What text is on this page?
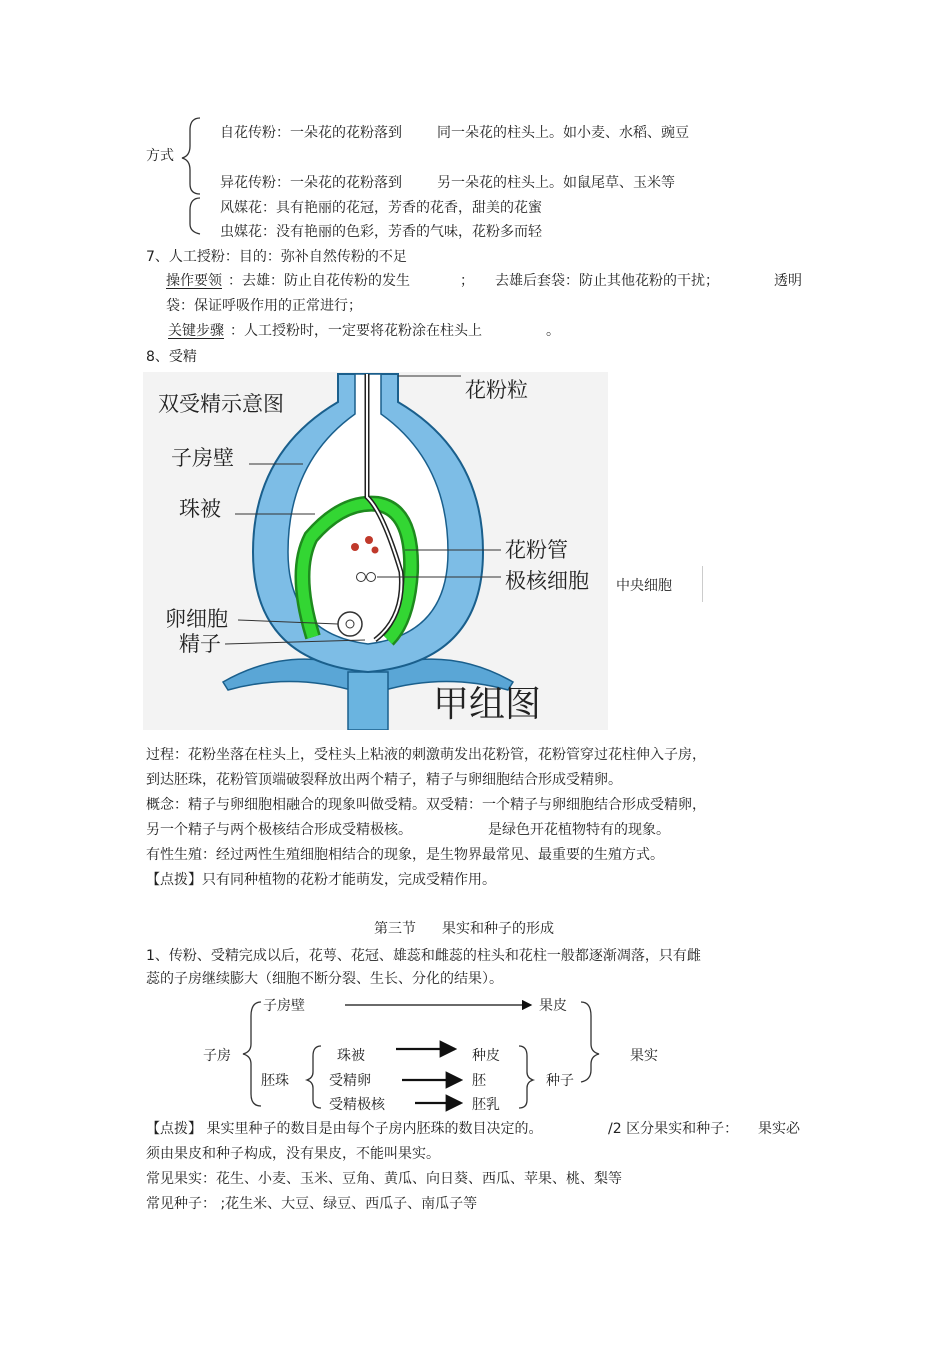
自花传粉：一朵花的花粉落到	同一朵花的柱头上。如小麦、水稻、豌豆
方式
异花传粉：一朵花的花粉落到	另一朵花的柱头上。如鼠尾草、玉米等
风媒花：具有艳丽的花冠，芳香的花香，甜美的花蜜
虫媒花：没有艳丽的色彩，芳香的气味，花粉多而轻
7、人工授粉：目的：弥补自然传粉的不足
操作要领 ：去雄：防止自花传粉的发生	； 去雄后套袋：防止其他花粉的干扰；	透明
袋：保证呼吸作用的正常进行；
关键步骤 ：人工授粉时，一定要将花粉涂在柱头上	。
8、受精
双受精示意图
花粉粒
子房壁
珠被
花粉管
极核细胞
卵细胞
精子
甲组图
中央细胞
过程：花粉坐落在柱头上，受柱头上粘液的刺激萌发出花粉管，花粉管穿过花柱伸入子房，
到达胚珠，花粉管顶端破裂释放出两个精子，精子与卵细胞结合形成受精卵。
概念：精子与卵细胞相融合的现象叫做受精。双受精：一个精子与卵细胞结合形成受精卵，
另一个精子与两个极核结合形成受精极核。	是绿色开花植物特有的现象。
有性生殖：经过两性生殖细胞相结合的现象，是生物界最常见、最重要的生殖方式。
【点拨】只有同种植物的花粉才能萌发，完成受精作用。
第三节 果实和种子的形成
1、传粉、受精完成以后，花萼、花冠、雄蕊和雌蕊的柱头和花柱一般都逐渐凋落，只有雌
蕊的子房继续膨大（细胞不断分裂、生长、分化的结果）。
子房壁	果皮
子房	珠被	种皮	果实
胚珠	受精卵	胚	种子
受精极核	胚乳
【点拨】 果实里种子的数目是由每个子房内胚珠的数目决定的。	/2 区分果实和种子： 果实必
须由果皮和种子构成，没有果皮，不能叫果实。
常见果实：花生、小麦、玉米、豆角、黄瓜、向日葵、西瓜、苹果、桃、梨等
常见种子： ;花生米、大豆、绿豆、西瓜子、南瓜子等
